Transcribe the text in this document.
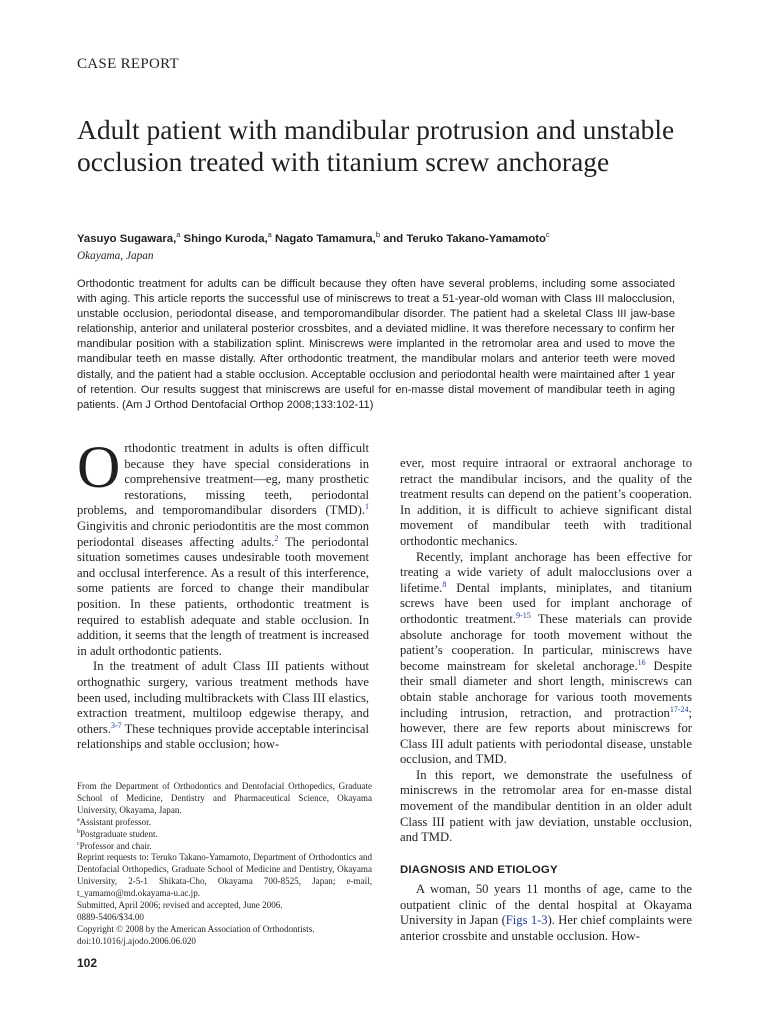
CASE REPORT
Adult patient with mandibular protrusion and unstable occlusion treated with titanium screw anchorage
Yasuyo Sugawara,$^a$ Shingo Kuroda,$^a$ Nagato Tamamura,$^b$ and Teruko Takano-Yamamoto$^c$
Okayama, Japan
Orthodontic treatment for adults can be difficult because they often have several problems, including some associated with aging. This article reports the successful use of miniscrews to treat a 51-year-old woman with Class III malocclusion, unstable occlusion, periodontal disease, and temporomandibular disorder. The patient had a skeletal Class III jaw-base relationship, anterior and unilateral posterior crossbites, and a deviated midline. It was therefore necessary to confirm her mandibular position with a stabilization splint. Miniscrews were implanted in the retromolar area and used to move the mandibular teeth en masse distally. After orthodontic treatment, the mandibular molars and anterior teeth were moved distally, and the patient had a stable occlusion. Acceptable occlusion and periodontal health were maintained after 1 year of retention. Our results suggest that miniscrews are useful for en-masse distal movement of mandibular teeth in aging patients. (Am J Orthod Dentofacial Orthop 2008;133:102-11)

Orthodontic treatment in adults is often difficult because they have special considerations in comprehensive treatment—eg, many prosthetic restorations, missing teeth, periodontal problems, and temporomandibular disorders (TMD).$^1$ Gingivitis and chronic periodontitis are the most common periodontal diseases affecting adults.$^2$ The periodontal situation sometimes causes undesirable tooth movement and occlusal interference. As a result of this interference, some patients are forced to change their mandibular position. In these patients, orthodontic treatment is required to establish adequate and stable occlusion. In addition, it seems that the length of treatment is increased in adult orthodontic patients.

In the treatment of adult Class III patients without orthognathic surgery, various treatment methods have been used, including multibrackets with Class III elastics, extraction treatment, multiloop edgewise therapy, and others.$^{3-7}$ These techniques provide acceptable interincisal relationships and stable occlusion; how-

From the Department of Orthodontics and Dentofacial Orthopedics, Graduate School of Medicine, Dentistry and Pharmaceutical Science, Okayama University, Okayama, Japan.
$^a$Assistant professor.
$^b$Postgraduate student.
$^c$Professor and chair.
Reprint requests to: Teruko Takano-Yamamoto, Department of Orthodontics and Dentofacial Orthopedics, Graduate School of Medicine and Dentistry, Okayama University, 2-5-1 Shikata-Cho, Okayama 700-8525, Japan; e-mail, t_yamamo@md.okayama-u.ac.jp.
Submitted, April 2006; revised and accepted, June 2006.
0889-5406/$34.00
Copyright © 2008 by the American Association of Orthodontists.
doi:10.1016/j.ajodo.2006.06.020

ever, most require intraoral or extraoral anchorage to retract the mandibular incisors, and the quality of the treatment results can depend on the patient’s cooperation. In addition, it is difficult to achieve significant distal movement of mandibular teeth with traditional orthodontic mechanics.

Recently, implant anchorage has been effective for treating a wide variety of adult malocclusions over a lifetime.$^8$ Dental implants, miniplates, and titanium screws have been used for implant anchorage of orthodontic treatment.$^{9-15}$ These materials can provide absolute anchorage for tooth movement without the patient’s cooperation. In particular, miniscrews have become mainstream for skeletal anchorage.$^{16}$ Despite their small diameter and short length, miniscrews can obtain stable anchorage for various tooth movements including intrusion, retraction, and protraction$^{17-24}$; however, there are few reports about miniscrews for Class III adult patients with periodontal disease, unstable occlusion, and TMD.

In this report, we demonstrate the usefulness of miniscrews in the retromolar area for en-masse distal movement of the mandibular dentition in an older adult Class III patient with jaw deviation, unstable occlusion, and TMD.

DIAGNOSIS AND ETIOLOGY

A woman, 50 years 11 months of age, came to the outpatient clinic of the dental hospital at Okayama University in Japan (Figs 1-3). Her chief complaints were anterior crossbite and unstable occlusion. How-

102
